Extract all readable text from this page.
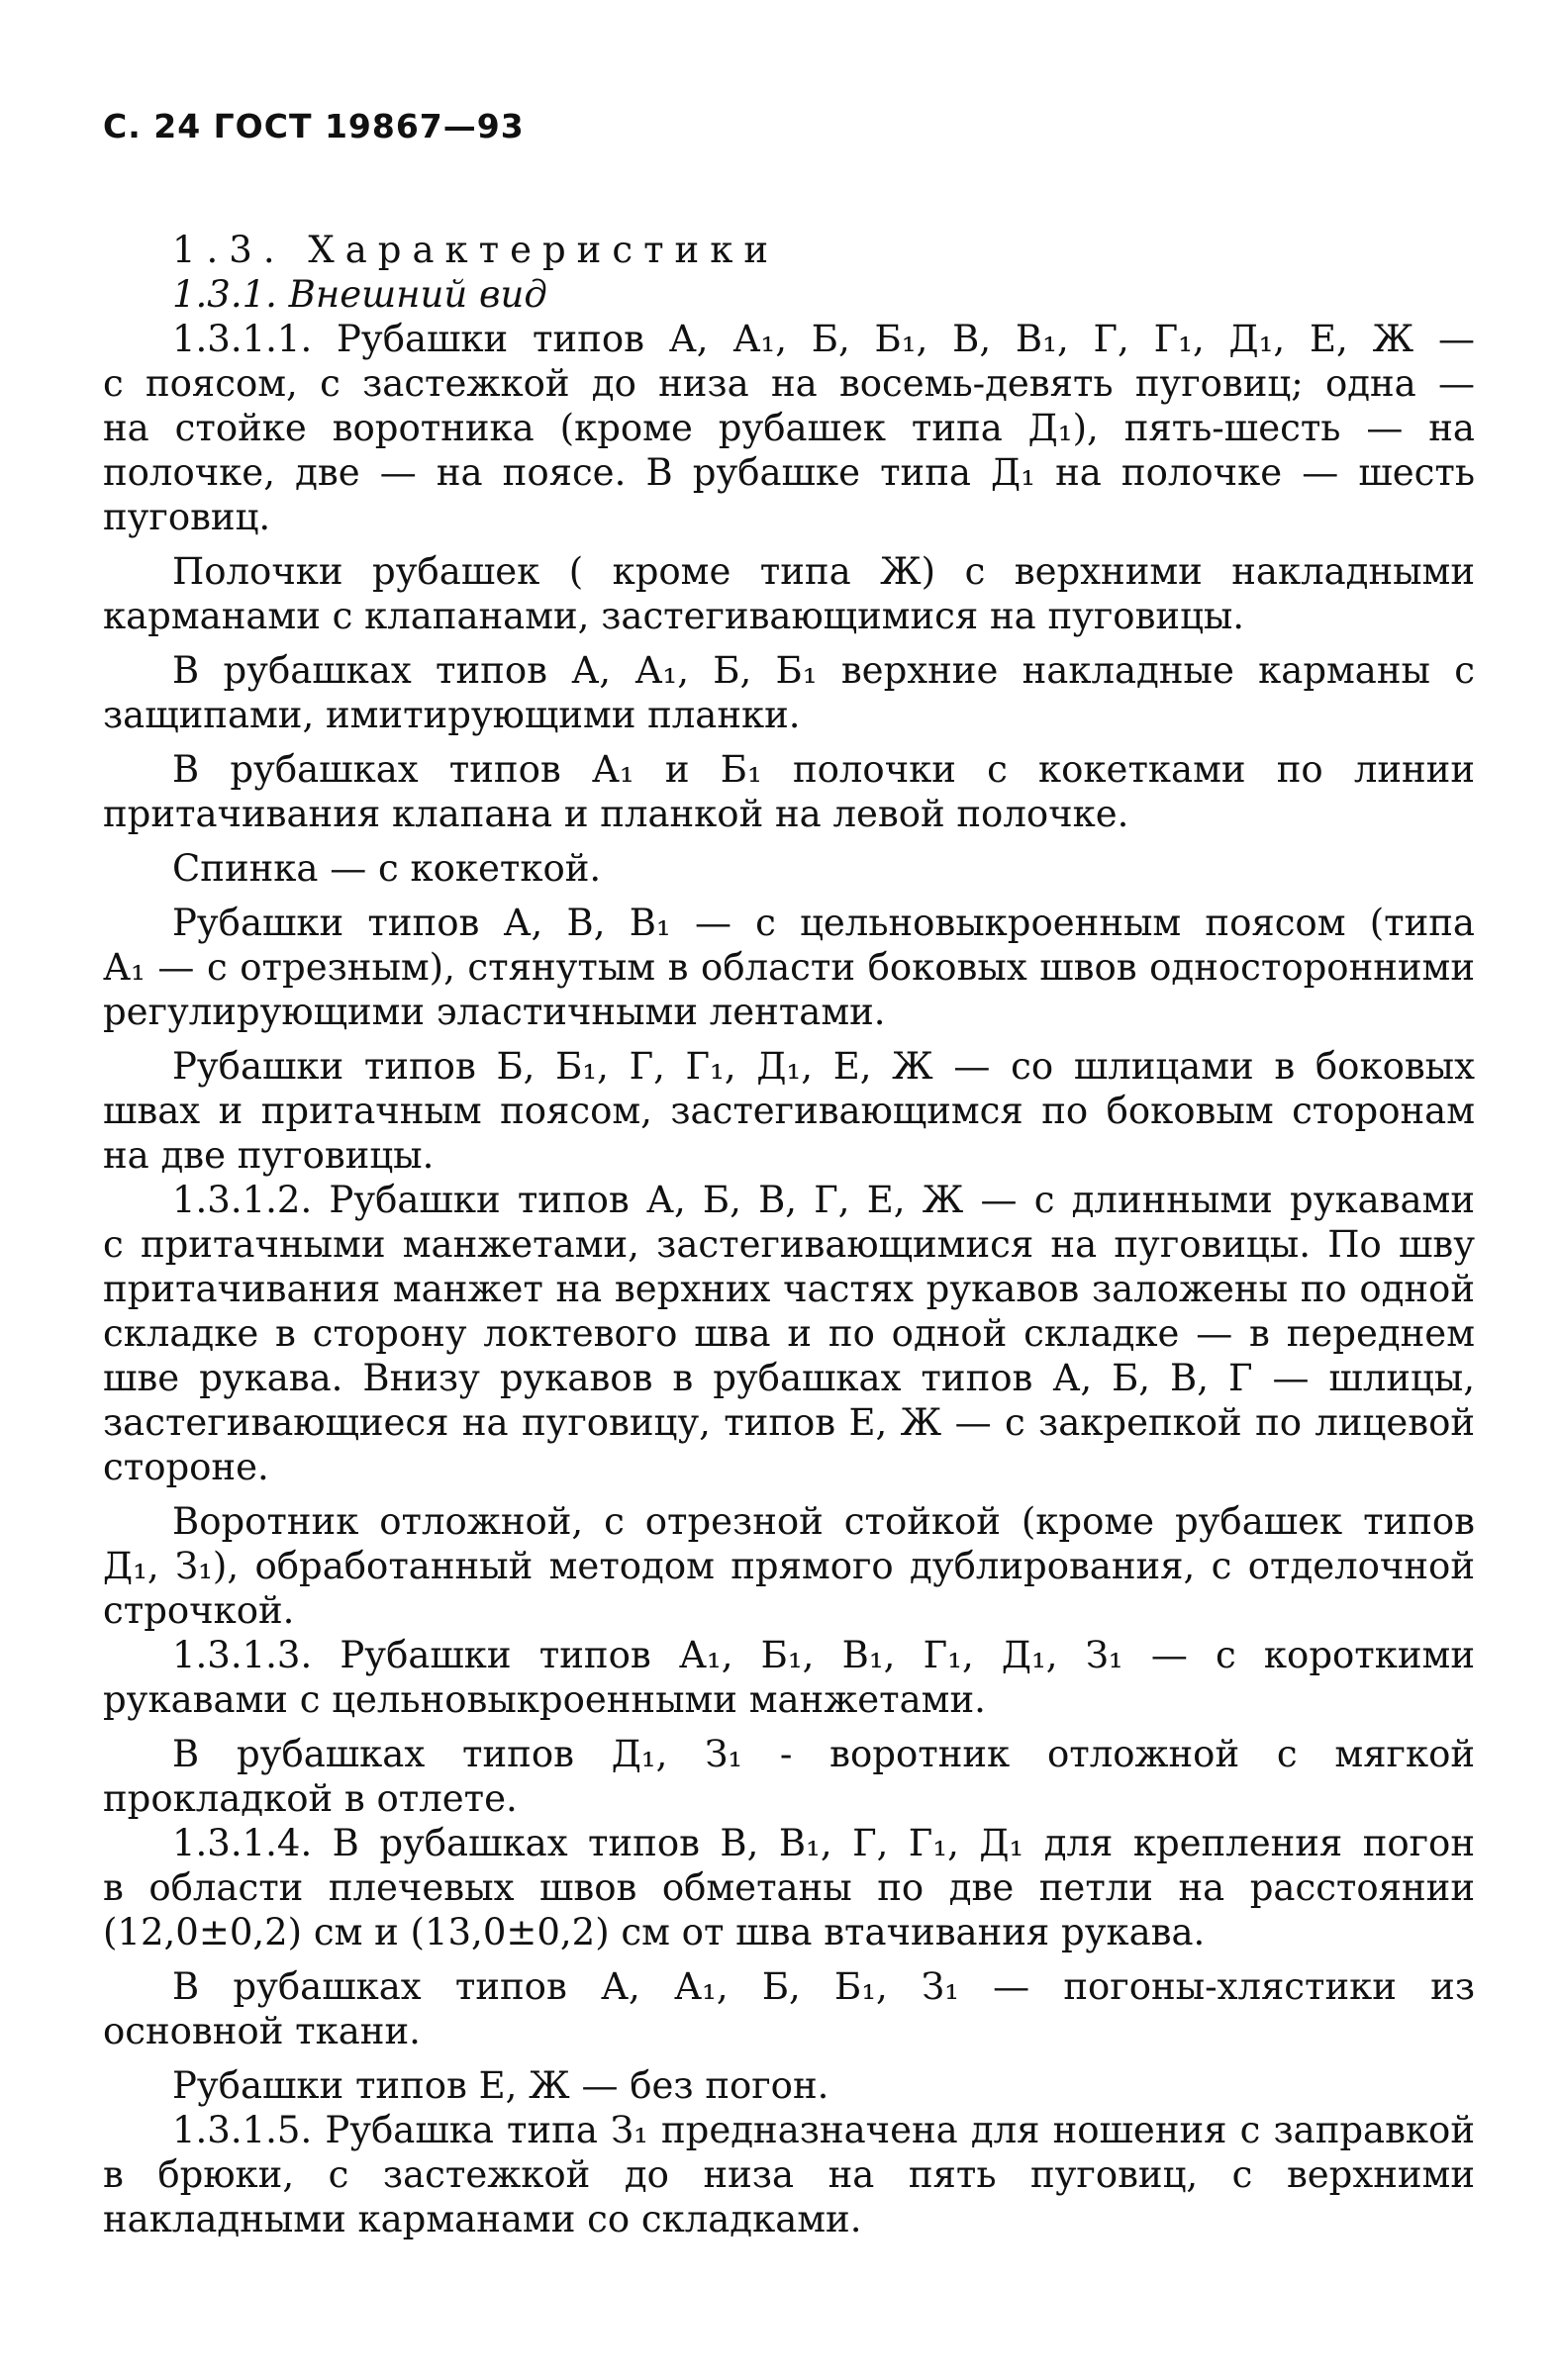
С. 24 ГОСТ 19867—93
1.3. Характеристики
1.3.1. Внешний вид
1.3.1.1. Рубашки типов А, А₁, Б, Б₁, В, В₁, Г, Г₁, Д₁, Е, Ж —
с поясом, с застежкой до низа на восемь-девять пуговиц; одна —
на стойке воротника (кроме рубашек типа Д₁), пять-шесть — на
полочке, две — на поясе. В рубашке типа Д₁ на полочке — шесть
пуговиц.
Полочки рубашек ( кроме типа Ж) с верхними накладными
карманами с клапанами, застегивающимися на пуговицы.
В рубашках типов А, А₁, Б, Б₁ верхние накладные карманы с
защипами, имитирующими планки.
В рубашках типов А₁ и Б₁ полочки с кокетками по линии
притачивания клапана и планкой на левой полочке.
Спинка — с кокеткой.
Рубашки типов А, В, В₁ — с цельновыкроенным поясом (типа
А₁ — с отрезным), стянутым в области боковых швов односторонними
регулирующими эластичными лентами.
Рубашки типов Б, Б₁, Г, Г₁, Д₁, Е, Ж — со шлицами в боковых
швах и притачным поясом, застегивающимся по боковым сторонам
на две пуговицы.
1.3.1.2. Рубашки типов А, Б, В, Г, Е, Ж — с длинными рукавами
с притачными манжетами, застегивающимися на пуговицы. По шву
притачивания манжет на верхних частях рукавов заложены по одной
складке в сторону локтевого шва и по одной складке — в переднем
шве рукава. Внизу рукавов в рубашках типов А, Б, В, Г — шлицы,
застегивающиеся на пуговицу, типов Е, Ж — с закрепкой по лицевой
стороне.
Воротник отложной, с отрезной стойкой (кроме рубашек типов
Д₁, З₁), обработанный методом прямого дублирования, с отделочной
строчкой.
1.3.1.3. Рубашки типов А₁, Б₁, В₁, Г₁, Д₁, З₁ — с короткими
рукавами с цельновыкроенными манжетами.
В рубашках типов Д₁, З₁ - воротник отложной с мягкой
прокладкой в отлете.
1.3.1.4. В рубашках типов В, В₁, Г, Г₁, Д₁ для крепления погон
в области плечевых швов обметаны по две петли на расстоянии
(12,0±0,2) см и (13,0±0,2) см от шва втачивания рукава.
В рубашках типов А, А₁, Б, Б₁, З₁ — погоны-хлястики из
основной ткани.
Рубашки типов Е, Ж — без погон.
1.3.1.5. Рубашка типа З₁ предназначена для ношения с заправкой
в брюки, с застежкой до низа на пять пуговиц, с верхними
накладными карманами со складками.
